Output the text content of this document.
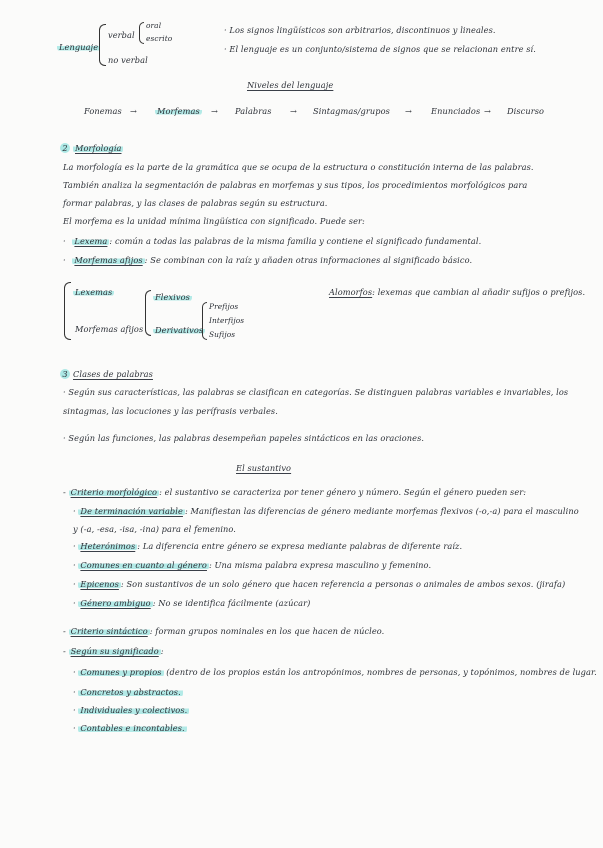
Lenguaje
verbal
oral
escrito
no verbal
· Los signos lingüísticos son arbitrarios, discontinuos y lineales.
· El lenguaje es un conjunto/sistema de signos que se relacionan entre sí.
Niveles del lenguaje
Fonemas → Morfemas → Palabras → Sintagmas/grupos → Enunciados → Discurso
2 Morfología
La morfología es la parte de la gramática que se ocupa de la estructura o constitución interna de las palabras.
También analiza la segmentación de palabras en morfemas y sus tipos, los procedimientos morfológicos para
formar palabras, y las clases de palabras según su estructura.
El morfema es la unidad mínima lingüística con significado. Puede ser:
· Lexema : común a todas las palabras de la misma familia y contiene el significado fundamental.
· Morfemas afijos : Se combinan con la raíz y añaden otras informaciones al significado básico.
Lexemas
Morfemas afijos
Flexivos
Derivativos
Prefijos
Interfijos
Sufijos
Alomorfos: lexemas que cambian al añadir sufijos o prefijos.
3 Clases de palabras
· Según sus características, las palabras se clasifican en categorías. Se distinguen palabras variables e invariables, los
sintagmas, las locuciones y las perífrasis verbales.
· Según las funciones, las palabras desempeñan papeles sintácticos en las oraciones.
El sustantivo
- Criterio morfológico : el sustantivo se caracteriza por tener género y número. Según el género pueden ser:
· De terminación variable : Manifiestan las diferencias de género mediante morfemas flexivos (-o,-a) para el masculino
y (-a, -esa, -isa, -ina) para el femenino.
· Heterónimos : La diferencia entre género se expresa mediante palabras de diferente raíz.
· Comunes en cuanto al género : Una misma palabra expresa masculino y femenino.
· Epicenos : Son sustantivos de un solo género que hacen referencia a personas o animales de ambos sexos. (jirafa)
· Género ambiguo : No se identifica fácilmente (azúcar)
- Criterio sintáctico : forman grupos nominales en los que hacen de núcleo.
- Según su significado :
· Comunes y propios (dentro de los propios están los antropónimos, nombres de personas, y topónimos, nombres de lugar.
· Concretos y abstractos.
· Individuales y colectivos.
· Contables e incontables.
